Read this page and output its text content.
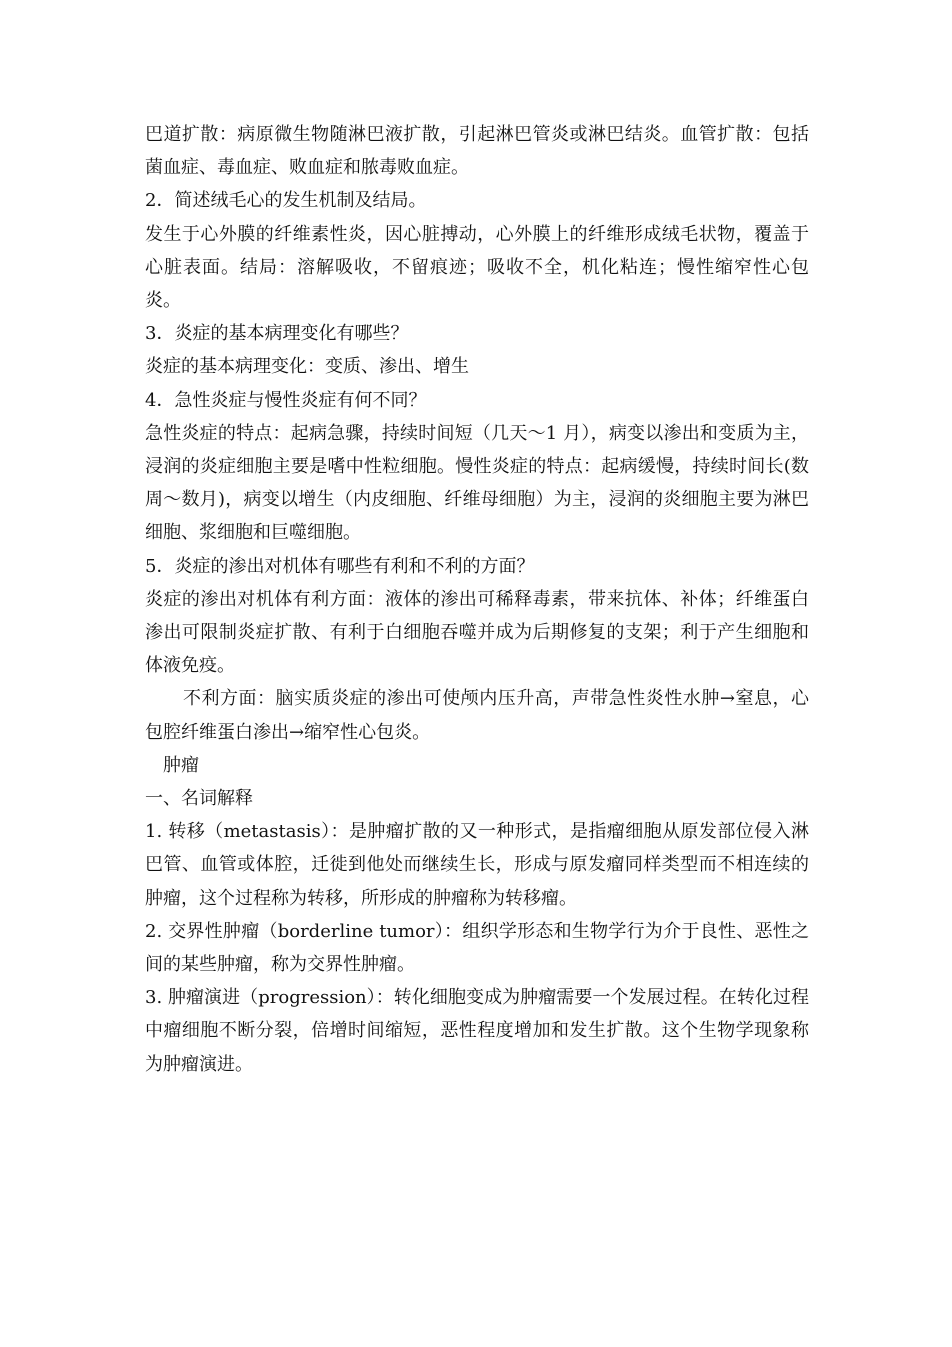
巴道扩散：病原微生物随淋巴液扩散，引起淋巴管炎或淋巴结炎。血管扩散：包括菌血症、毒血症、败血症和脓毒败血症。

2．简述绒毛心的发生机制及结局。

发生于心外膜的纤维素性炎，因心脏搏动，心外膜上的纤维形成绒毛状物，覆盖于心脏表面。结局：溶解吸收，不留痕迹；吸收不全，机化粘连；慢性缩窄性心包炎。

3．炎症的基本病理变化有哪些？

炎症的基本病理变化：变质、渗出、增生

4．急性炎症与慢性炎症有何不同？

急性炎症的特点：起病急骤，持续时间短（几天～1 月），病变以渗出和变质为主，浸润的炎症细胞主要是嗜中性粒细胞。慢性炎症的特点：起病缓慢，持续时间长(数周～数月)，病变以增生（内皮细胞、纤维母细胞）为主，浸润的炎细胞主要为淋巴细胞、浆细胞和巨噬细胞。

5．炎症的渗出对机体有哪些有利和不利的方面？

炎症的渗出对机体有利方面：液体的渗出可稀释毒素，带来抗体、补体；纤维蛋白渗出可限制炎症扩散、有利于白细胞吞噬并成为后期修复的支架；利于产生细胞和体液免疫。

不利方面：脑实质炎症的渗出可使颅内压升高，声带急性炎性水肿→窒息，心包腔纤维蛋白渗出→缩窄性心包炎。

肿瘤

一、名词解释

1. 转移（metastasis）：是肿瘤扩散的又一种形式，是指瘤细胞从原发部位侵入淋巴管、血管或体腔，迁徙到他处而继续生长，形成与原发瘤同样类型而不相连续的肿瘤，这个过程称为转移，所形成的肿瘤称为转移瘤。

2. 交界性肿瘤（borderline tumor）：组织学形态和生物学行为介于良性、恶性之间的某些肿瘤，称为交界性肿瘤。

3. 肿瘤演进（progression）：转化细胞变成为肿瘤需要一个发展过程。在转化过程中瘤细胞不断分裂，倍增时间缩短，恶性程度增加和发生扩散。这个生物学现象称为肿瘤演进。
